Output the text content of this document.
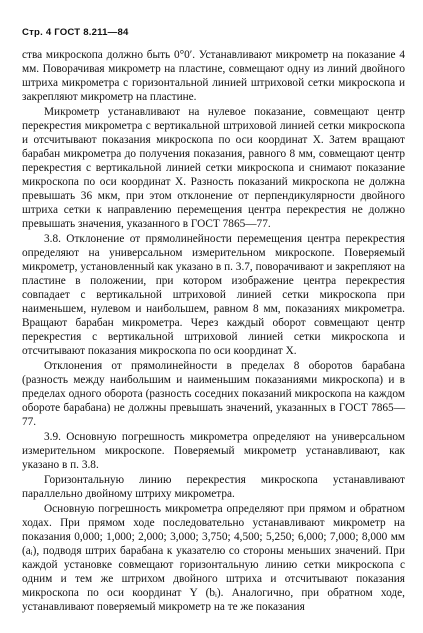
Стр. 4 ГОСТ 8.211—84

ства микроскопа должно быть 0°0′. Устанавливают микрометр на показание 4 мм. Поворачивая микрометр на пластине, совмещают одну из линий двойного штриха микрометра с горизонтальной линией штриховой сетки микроскопа и закрепляют микрометр на пластине.

Микрометр устанавливают на нулевое показание, совмещают центр перекрестия микрометра с вертикальной штриховой линией сетки микроскопа и отсчитывают показания микроскопа по оси координат X. Затем вращают барабан микрометра до получения показания, равного 8 мм, совмещают центр перекрестия с вертикальной линией сетки микроскопа и снимают показание микроскопа по оси координат X. Разность показаний микроскопа не должна превышать 36 мкм, при этом отклонение от перпендикулярности двойного штриха сетки к направлению перемещения центра перекрестия не должно превышать значения, указанного в ГОСТ 7865—77.

3.8. Отклонение от прямолинейности перемещения центра перекрестия определяют на универсальном измерительном микроскопе. Поверяемый микрометр, установленный как указано в п. 3.7, поворачивают и закрепляют на пластине в положении, при котором изображение центра перекрестия совпадает с вертикальной штриховой линией сетки микроскопа при наименьшем, нулевом и наибольшем, равном 8 мм, показаниях микрометра. Вращают барабан микрометра. Через каждый оборот совмещают центр перекрестия с вертикальной штриховой линией сетки микроскопа и отсчитывают показания микроскопа по оси координат X.

Отклонения от прямолинейности в пределах 8 оборотов барабана (разность между наибольшим и наименьшим показаниями микроскопа) и в пределах одного оборота (разность соседних показаний микроскопа на каждом обороте барабана) не должны превышать значений, указанных в ГОСТ 7865—77.

3.9. Основную погрешность микрометра определяют на универсальном измерительном микроскопе. Поверяемый микрометр устанавливают, как указано в п. 3.8.

Горизонтальную линию перекрестия микроскопа устанавливают параллельно двойному штриху микрометра.

Основную погрешность микрометра определяют при прямом и обратном ходах. При прямом ходе последовательно устанавливают микрометр на показания 0,000; 1,000; 2,000; 3,000; 3,750; 4,500; 5,250; 6,000; 7,000; 8,000 мм (aᵢ), подводя штрих барабана к указателю со стороны меньших значений. При каждой установке совмещают горизонтальную линию сетки микроскопа с одним и тем же штрихом двойного штриха и отсчитывают показания микроскопа по оси координат Y (bᵢ). Аналогично, при обратном ходе, устанавливают поверяемый микрометр на те же показания
